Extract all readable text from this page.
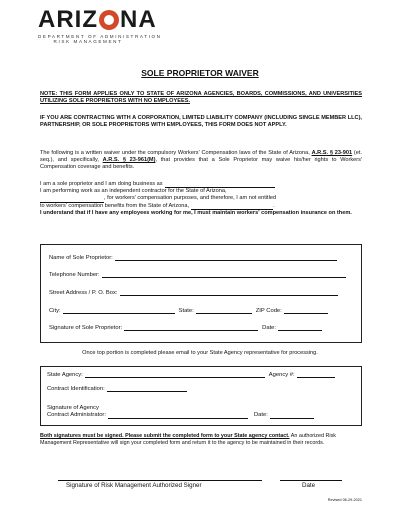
ARIZ NA
DEPARTMENT OF ADMINISTRATION
RISK MANAGEMENT
SOLE PROPRIETOR WAIVER
NOTE: THIS FORM APPLIES ONLY TO STATE OF ARIZONA AGENCIES, BOARDS, COMMISSIONS, AND UNIVERSITIES UTILIZING SOLE PROPRIETORS WITH NO EMPLOYEES.
IF YOU ARE CONTRACTING WITH A CORPORATION, LIMITED LIABILITY COMPANY (INCLUDING SINGLE MEMBER LLC), PARTNERSHIP, OR SOLE PROPRIETORS WITH EMPLOYEES, THIS FORM DOES NOT APPLY.
The following is a written waiver under the compulsory Workers' Compensation laws of the State of Arizona, A.R.S. § 23-901 (et. seq.), and specifically, A.R.S. § 23-961(M), that provides that a Sole Proprietor may waive his/her rights to Workers' Compensation coverage and benefits.
I am a sole proprietor and I am doing business as
I am performing work as an independent contractor for the State of Arizona,
, for workers' compensation purposes, and therefore, I am not entitled
to workers' compensation benefits from the State of Arizona,	.
I understand that if I have any employees working for me, I must maintain workers' compensation insurance on them.
Name of Sole Proprietor:
Telephone Number:
Street Address / P. O. Box:
City:	State:	ZIP Code:
Signature of Sole Proprietor:	Date:
Once top portion is completed please email to your State Agency representative for processing.
State Agency:	Agency #:
Contract Identification:
Signature of Agency
Contract Administrator:	Date:
Both signatures must be signed. Please submit the completed form to your State agency contact. An authorized Risk Management Representative will sign your completed form and return it to the agency to be maintained in their records.
Signature of Risk Management Authorized Signer	Date
Revised 06-29-2021
